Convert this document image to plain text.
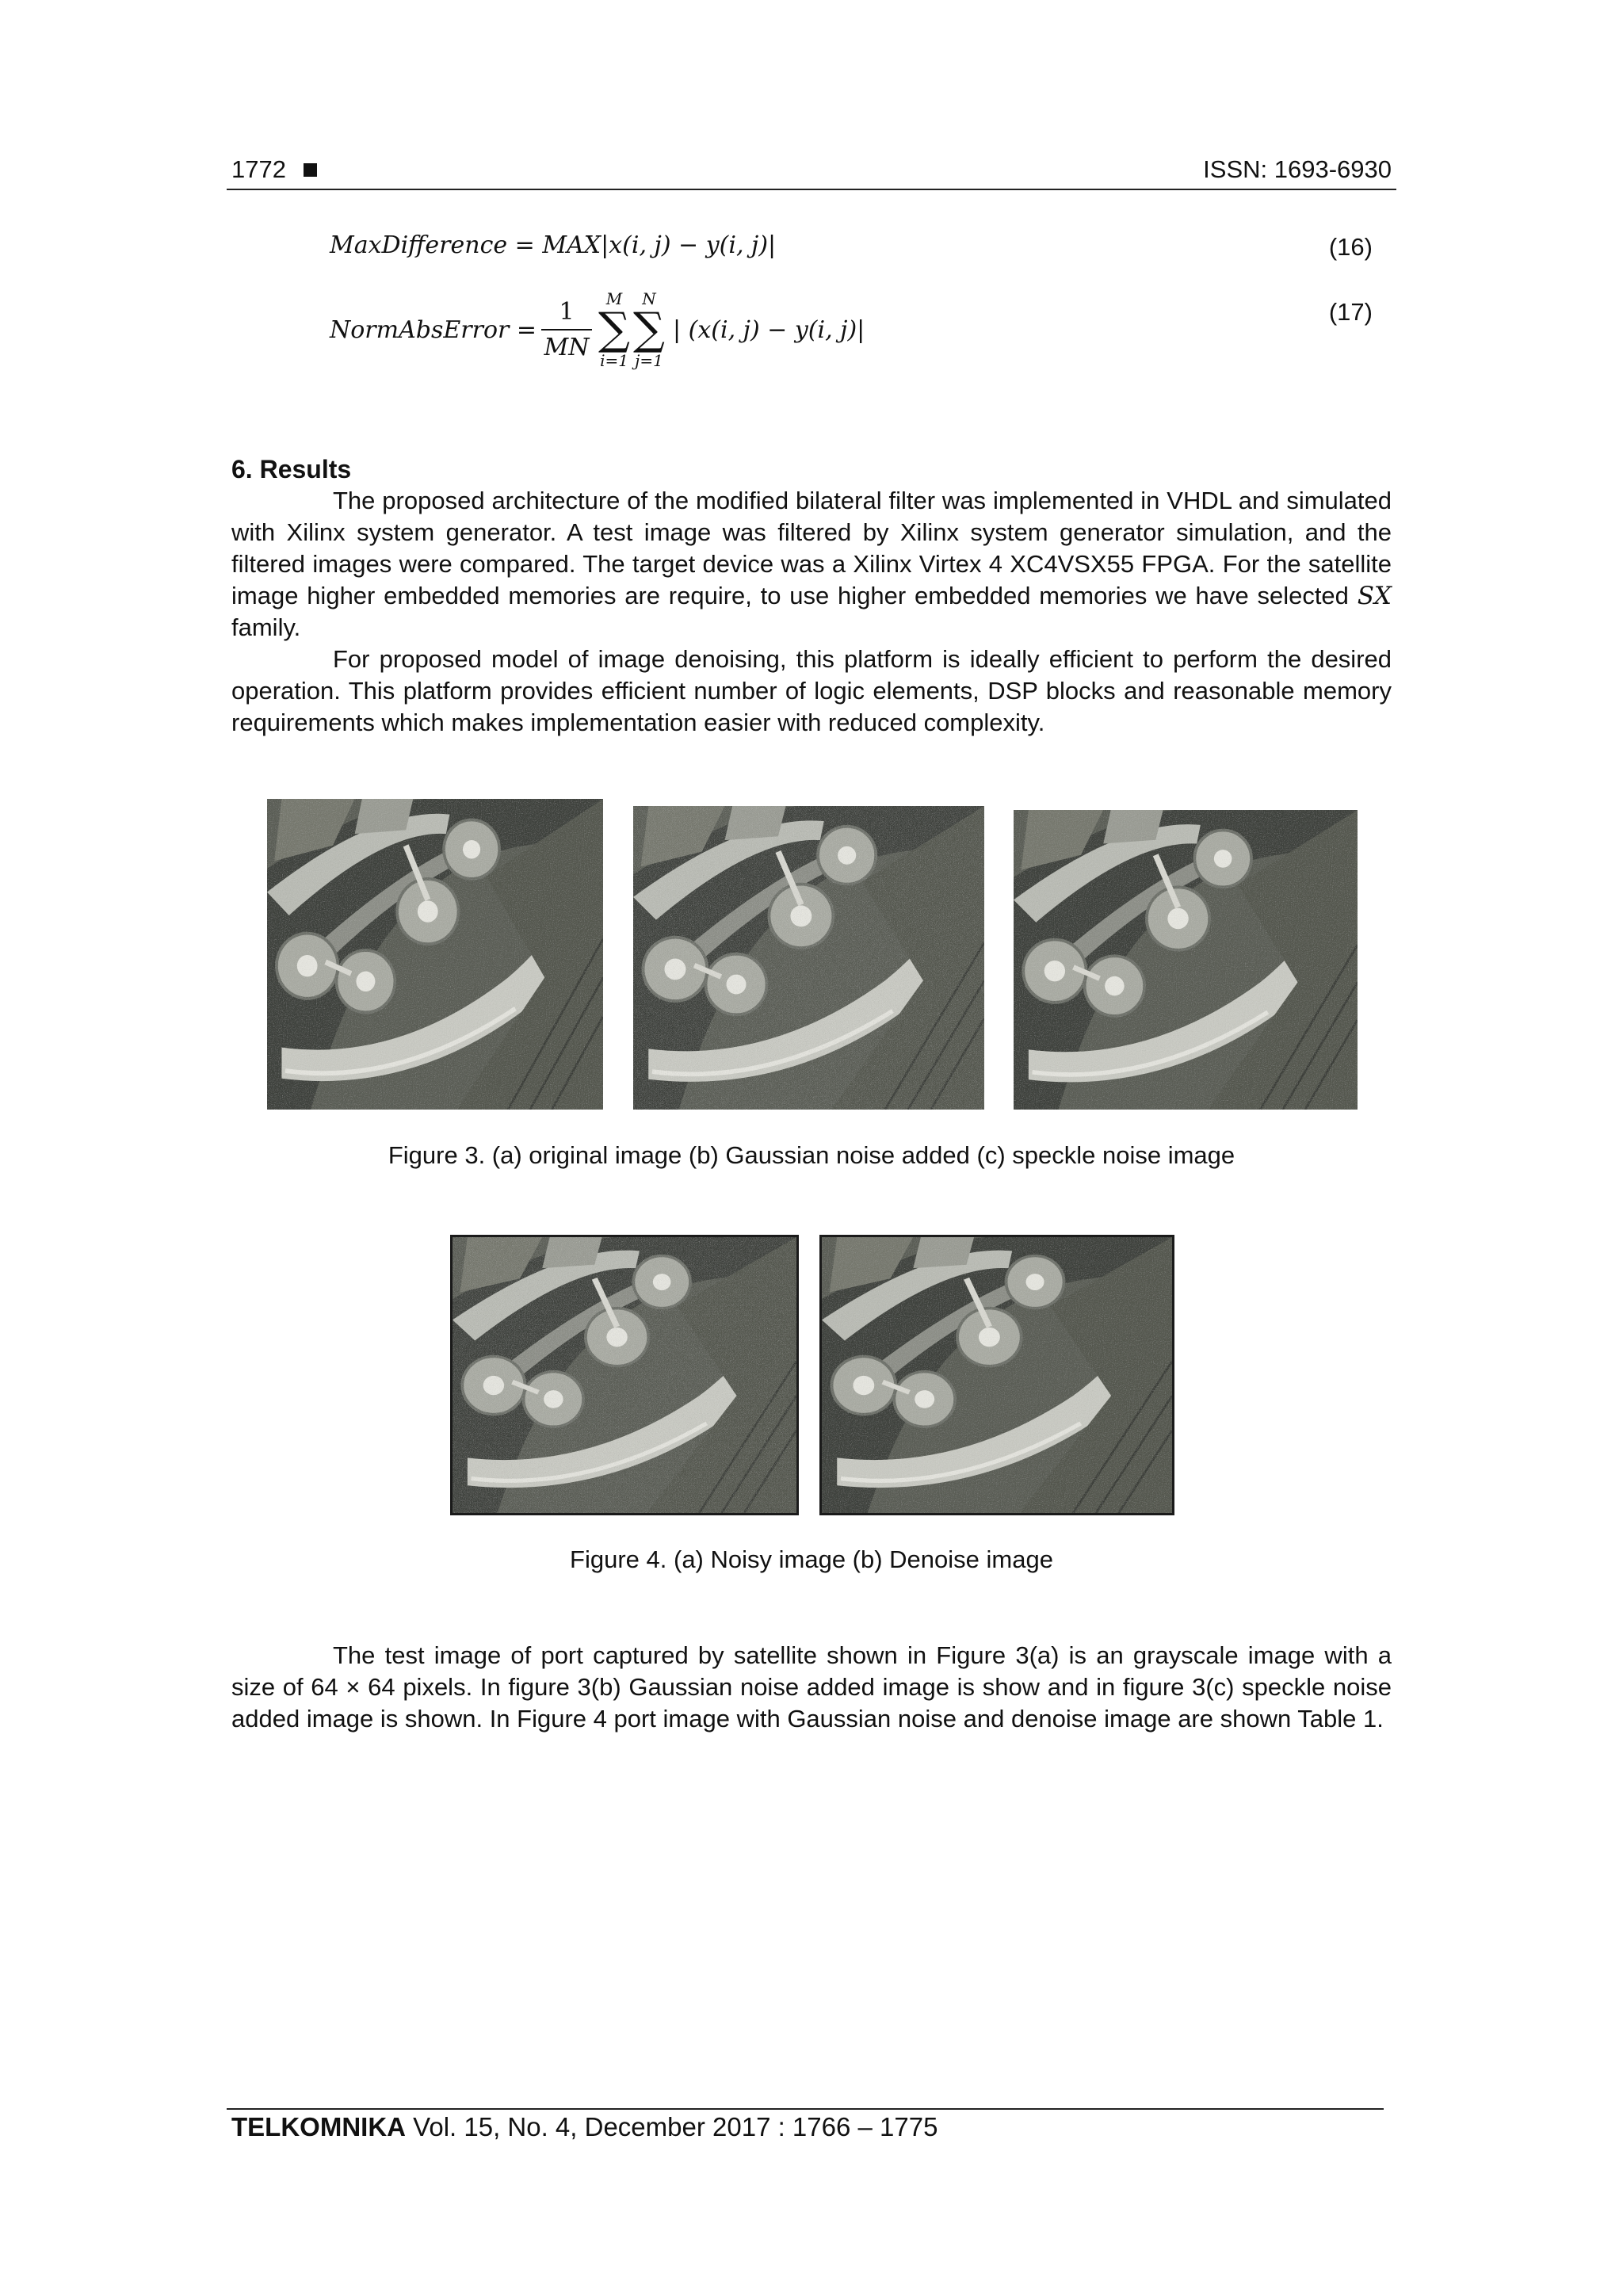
1772	ISSN: 1693-6930
MaxDifference = MAX|x(i, j) − y(i, j)|	(16)
NormAbsError = $\frac{1}{MN}$ M
∑
i=1
N
∑
j=1
| (x(i, j) − y(i, j)|
(17)
6. Results

The proposed architecture of the modified bilateral filter was implemented in VHDL and simulated with Xilinx system generator. A test image was filtered by Xilinx system generator simulation, and the filtered images were compared. The target device was a Xilinx Virtex 4 XC4VSX55 FPGA. For the satellite image higher embedded memories are require, to use higher embedded memories we have selected SX family.

For proposed model of image denoising, this platform is ideally efficient to perform the desired operation. This platform provides efficient number of logic elements, DSP blocks and reasonable memory requirements which makes implementation easier with reduced complexity.

Figure 3. (a) original image (b) Gaussian noise added (c) speckle noise image
Figure 4. (a) Noisy image (b) Denoise image

The test image of port captured by satellite shown in Figure 3(a) is an grayscale image with a size of 64 × 64 pixels. In figure 3(b) Gaussian noise added image is show and in figure 3(c) speckle noise added image is shown. In Figure 4 port image with Gaussian noise and denoise image are shown Table 1.

TELKOMNIKA Vol. 15, No. 4, December 2017 : 1766 – 1775
